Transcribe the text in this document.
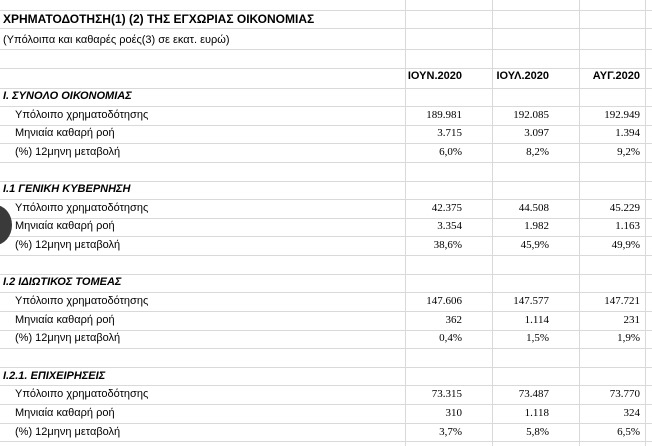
ΧΡΗΜΑΤΟΔΟΤΗΣΗ(1) (2) ΤΗΣ ΕΓΧΩΡΙΑΣ ΟΙΚΟΝΟΜΙΑΣ
(Υπόλοιπα και καθαρές ροές(3) σε εκατ. ευρώ)
ΙΟΥΝ.2020	ΙΟΥΛ.2020	ΑΥΓ.2020
Ι. ΣΥΝΟΛΟ ΟΙΚΟΝΟΜΙΑΣ
Υπόλοιπο χρηματοδότησης	189.981	192.085	192.949
Μηνιαία καθαρή ροή	3.715	3.097	1.394
(%) 12μηνη μεταβολή	6,0%	8,2%	9,2%
Ι.1 ΓΕΝΙΚΗ ΚΥΒΕΡΝΗΣΗ
Υπόλοιπο χρηματοδότησης	42.375	44.508	45.229
Μηνιαία καθαρή ροή	3.354	1.982	1.163
(%) 12μηνη μεταβολή	38,6%	45,9%	49,9%
Ι.2 ΙΔΙΩΤΙΚΟΣ ΤΟΜΕΑΣ
Υπόλοιπο χρηματοδότησης	147.606	147.577	147.721
Μηνιαία καθαρή ροή	362	1.114	231
(%) 12μηνη μεταβολή	0,4%	1,5%	1,9%
Ι.2.1. ΕΠΙΧΕΙΡΗΣΕΙΣ
Υπόλοιπο χρηματοδότησης	73.315	73.487	73.770
Μηνιαία καθαρή ροή	310	1.118	324
(%) 12μηνη μεταβολή	3,7%	5,8%	6,5%
